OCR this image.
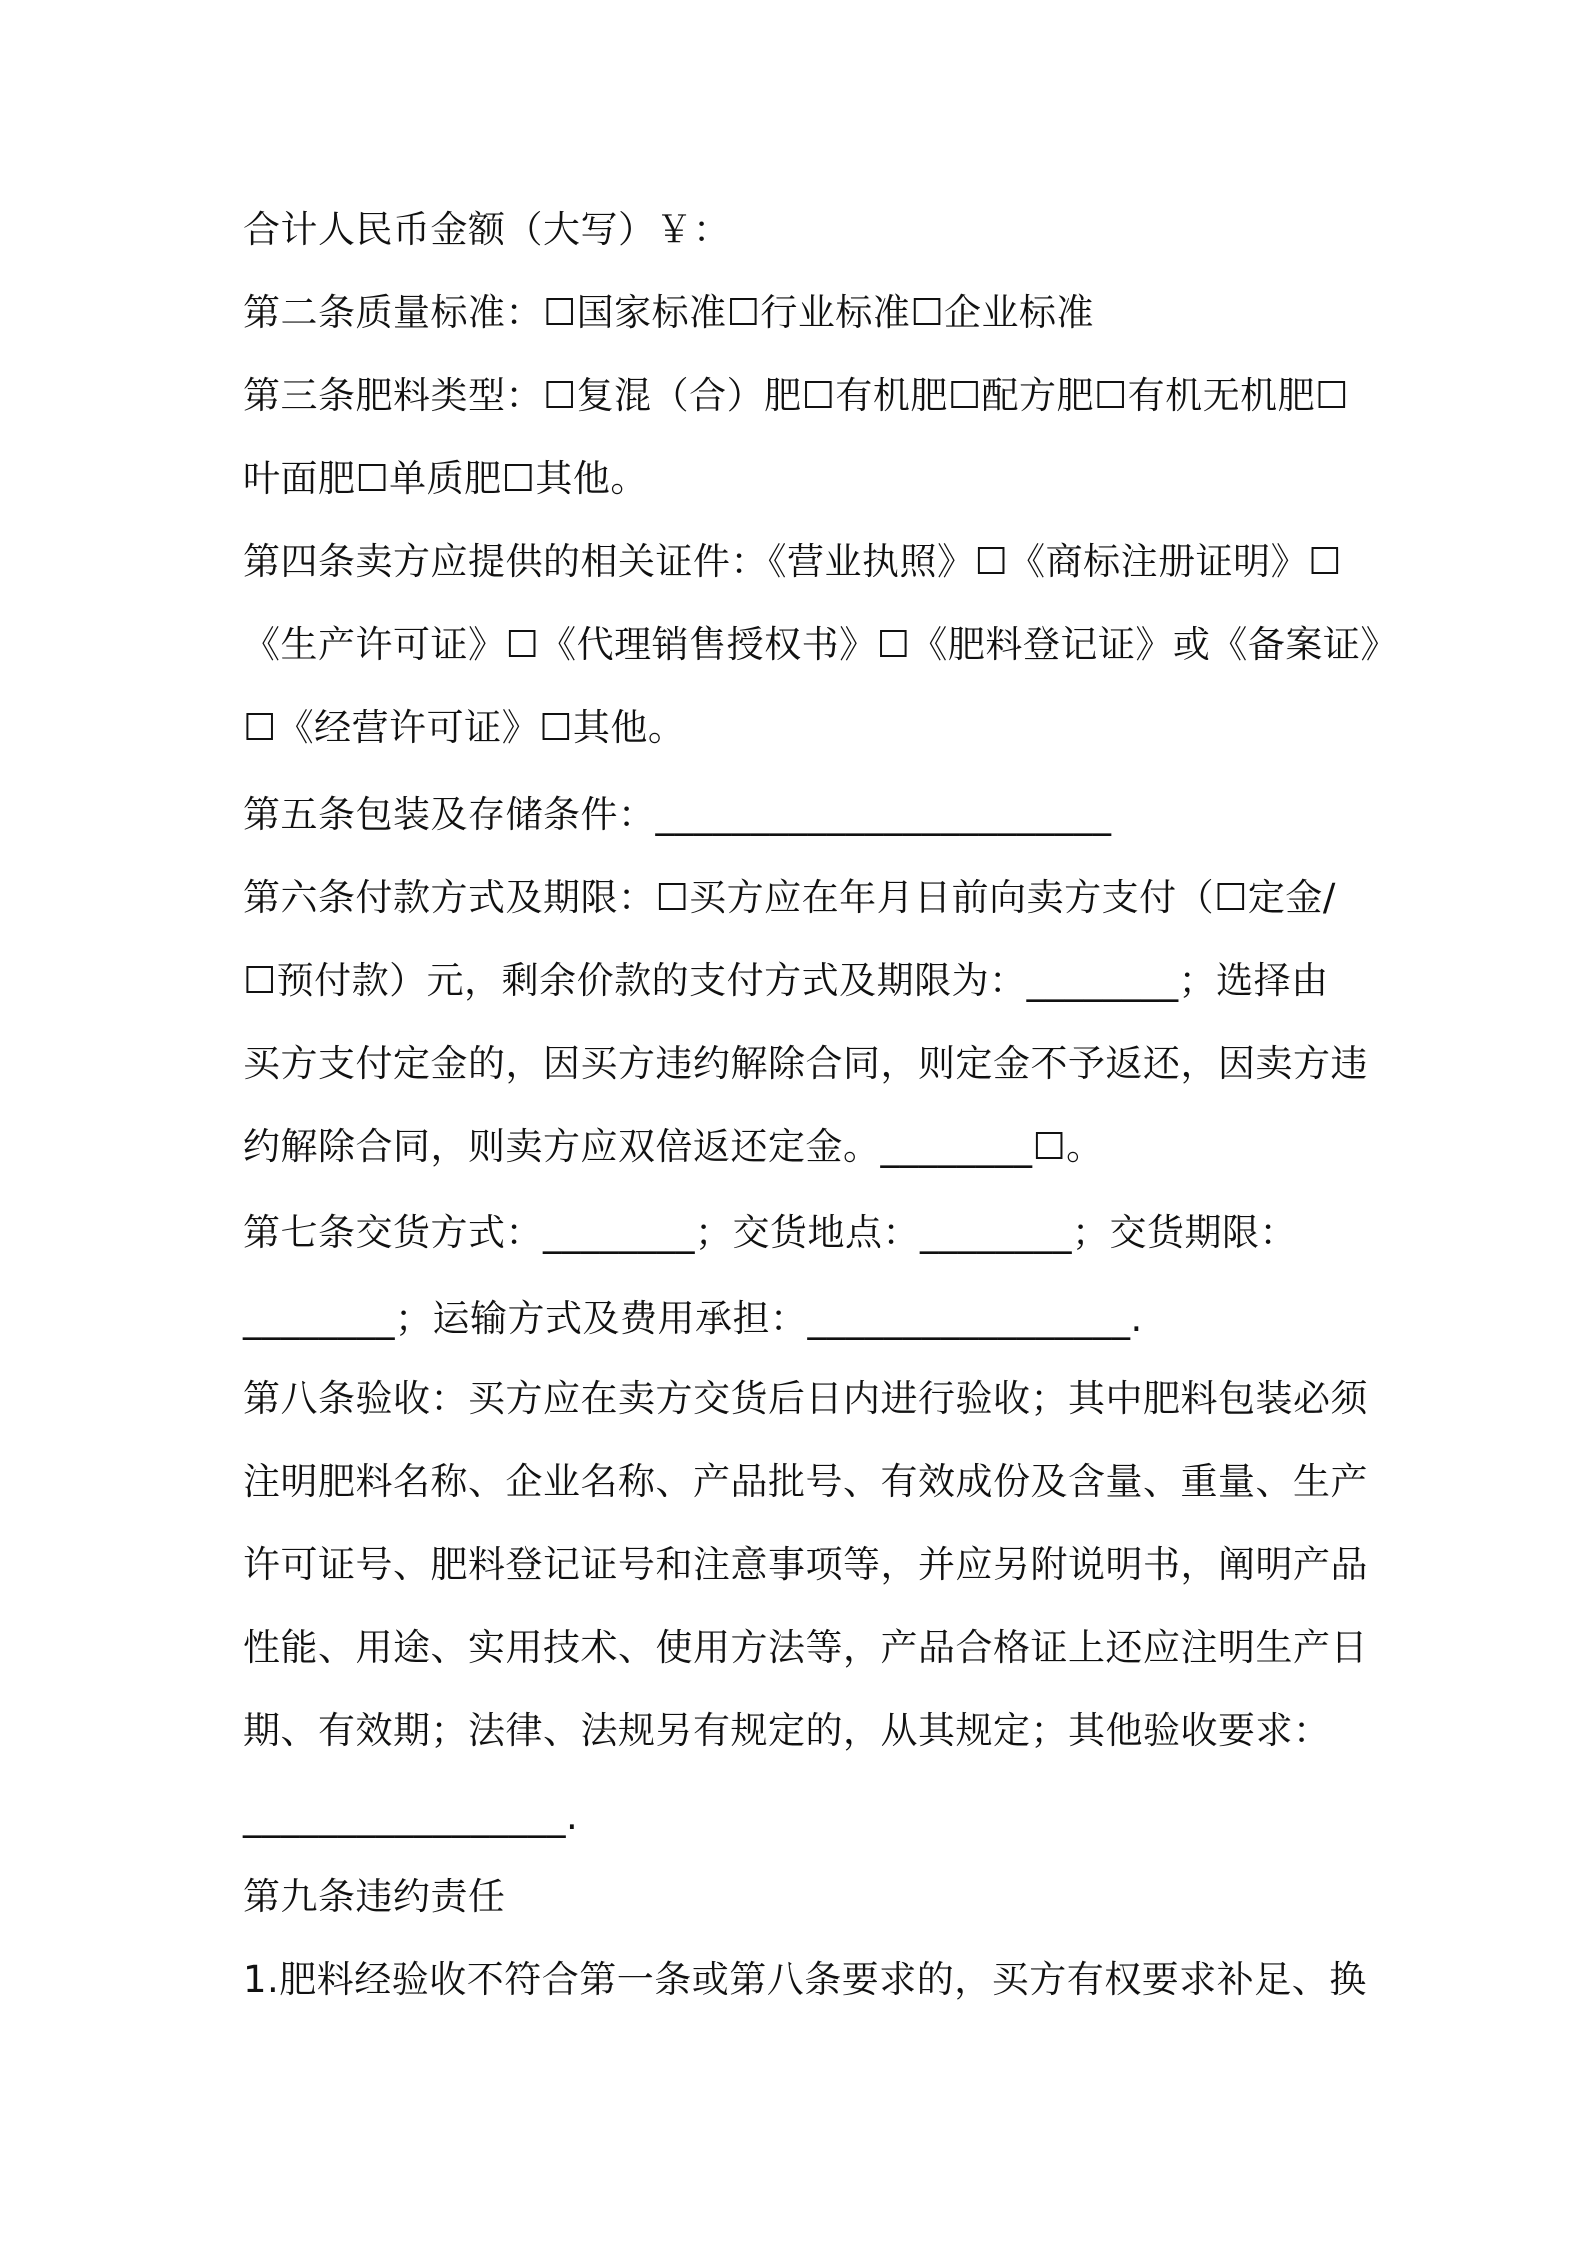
合计人民币金额（大写）￥：
第二条质量标准：☐国家标准☐行业标准☐企业标准
第三条肥料类型：☐复混（合）肥☐有机肥☐配方肥☐有机无机肥☐
叶面肥☐单质肥☐其他。
第四条卖方应提供的相关证件：《营业执照》☐《商标注册证明》☐
《生产许可证》☐《代理销售授权书》☐《肥料登记证》或《备案证》
☐《经营许可证》☐其他。
第五条包装及存储条件：________________________
第六条付款方式及期限：☐买方应在年月日前向卖方支付（☐定金/
☐预付款）元，剩余价款的支付方式及期限为：________；选择由
买方支付定金的，因买方违约解除合同，则定金不予返还，因卖方违
约解除合同，则卖方应双倍返还定金。________☐。
第七条交货方式：________；交货地点：________；交货期限：
________；运输方式及费用承担：_________________.
第八条验收：买方应在卖方交货后日内进行验收；其中肥料包装必须
注明肥料名称、企业名称、产品批号、有效成份及含量、重量、生产
许可证号、肥料登记证号和注意事项等，并应另附说明书，阐明产品
性能、用途、实用技术、使用方法等，产品合格证上还应注明生产日
期、有效期；法律、法规另有规定的，从其规定；其他验收要求：
_________________.
第九条违约责任
1.肥料经验收不符合第一条或第八条要求的，买方有权要求补足、换
